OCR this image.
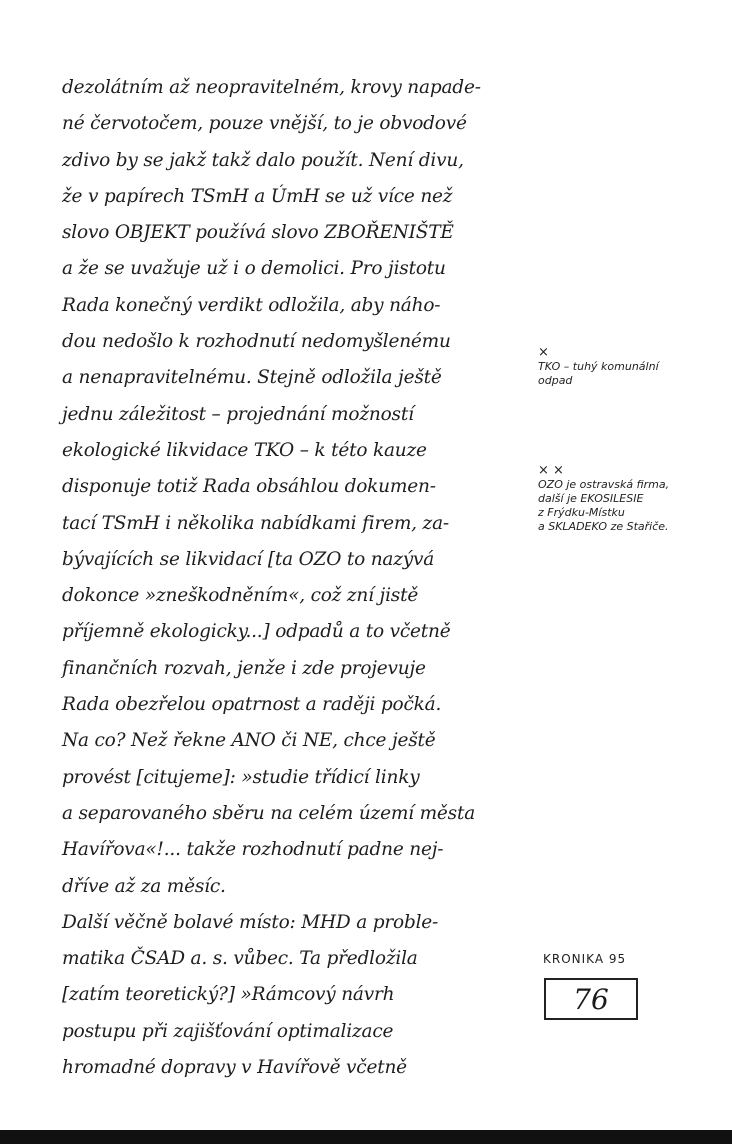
dezolátním až neopravitelném, krovy napade-
né červotočem, pouze vnější, to je obvodové
zdivo by se jakž takž dalo použít. Není divu,
že v papírech TSmH a ÚmH se už více než
slovo OBJEKT používá slovo ZBOŘENIŠTĚ
a že se uvažuje už i o demolici. Pro jistotu
Rada konečný verdikt odložila, aby náho-
dou nedošlo k rozhodnutí nedomyšlenému
a nenapravitelnému. Stejně odložila ještě
jednu záležitost – projednání možností
ekologické likvidace TKO – k této kauze
disponuje totiž Rada obsáhlou dokumen-
tací TSmH i několika nabídkami firem, za-
bývajících se likvidací [ta OZO to nazývá
dokonce »zneškodněním«, což zní jistě
příjemně ekologicky...] odpadů a to včetně
finančních rozvah, jenže i zde projevuje
Rada obezřelou opatrnost a raději počká.
Na co? Než řekne ANO či NE, chce ještě
provést [citujeme]: »studie třídicí linky
a separovaného sběru na celém území města
Havířova«!... takže rozhodnutí padne nej-
dříve až za měsíc.
Další věčně bolavé místo: MHD a proble-
matika ČSAD a. s. vůbec. Ta předložila
[zatím teoretický?] »Rámcový návrh
postupu při zajišťování optimalizace
hromadné dopravy v Havířově včetně
×
TKO – tuhý komunální
odpad
× ×
OZO je ostravská firma,
další je EKOSILESIE
z Frýdku-Místku
a SKLADEKO ze Stařiče.
KRONIKA 95
76
